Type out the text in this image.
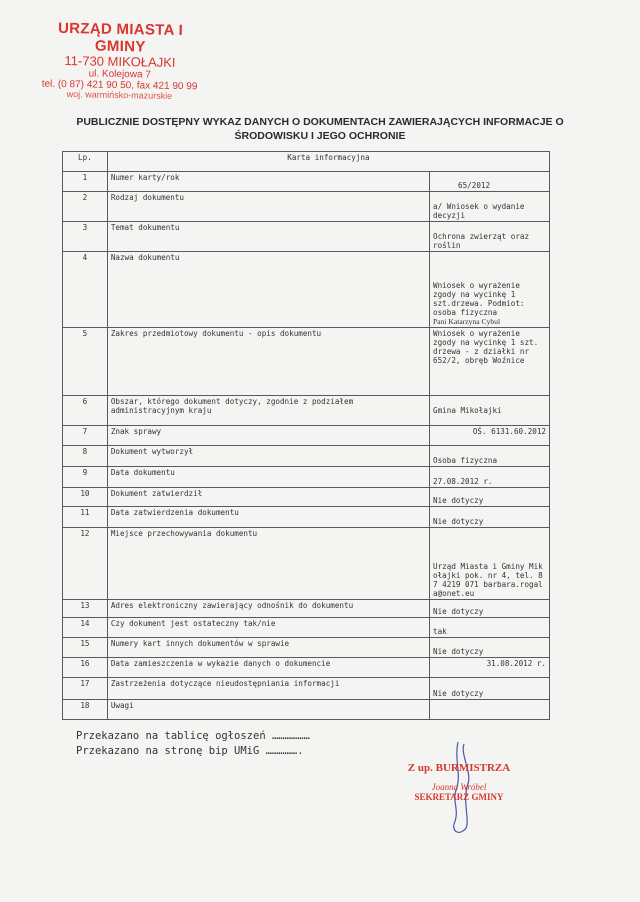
URZĄD MIASTA I GMINY
11-730 MIKOŁAJKI
ul. Kolejowa 7
tel. (0 87) 421 90 50, fax 421 90 99
woj. warmińsko-mazurskie
PUBLICZNIE DOSTĘPNY WYKAZ DANYCH O DOKUMENTACH ZAWIERAJĄCYCH INFORMACJE O
ŚRODOWISKU I JEGO OCHRONIE
Lp.	Karta informacyjna	
1	Numer karty/rok	65/2012
2	Rodzaj dokumentu	a/ Wniosek o wydanie decyzji
3	Temat dokumentu	Ochrona zwierząt oraz roślin
4	Nazwa dokumentu	Wniosek o wyrażenie zgody na wycinkę 1 szt.drzewa. Podmiot: osoba fizyczna
Pani Katarzyna Cybul

5	Zakres przedmiotowy dokumentu - opis dokumentu	Wniosek o wyrażenie zgody na wycinkę 1 szt. drzewa - z działki nr 652/2, obręb Woźnice
6	Obszar, którego dokument dotyczy, zgodnie z podziałem administracyjnym kraju	Gmina Mikołajki
7	Znak sprawy	OŚ. 6131.60.2012
8	Dokument wytworzył	Osoba fizyczna
9	Data dokumentu	27.08.2012 r.
10	Dokument zatwierdził	Nie dotyczy
11	Data zatwierdzenia dokumentu	Nie dotyczy
12	Miejsce przechowywania dokumentu	Urząd Miasta i Gminy Mikołajki pok. nr 4, tel. 87 4219 071 barbara.rogala@onet.eu
13	Adres elektroniczny zawierający odnośnik do dokumentu	Nie dotyczy
14	Czy dokument jest ostateczny tak/nie	tak
15	Numery kart innych dokumentów w sprawie	Nie dotyczy
16	Data zamieszczenia w wykazie danych o dokumencie	31.08.2012 r.
17	Zastrzeżenia dotyczące nieudostępniania informacji	Nie dotyczy
18	Uwagi	
Przekazano na tablicę ogłoszeń ………………
Przekazano na stronę bip UMiG …………….
Z up. BURMISTRZA
Joanna Wróbel
SEKRETARZ GMINY
